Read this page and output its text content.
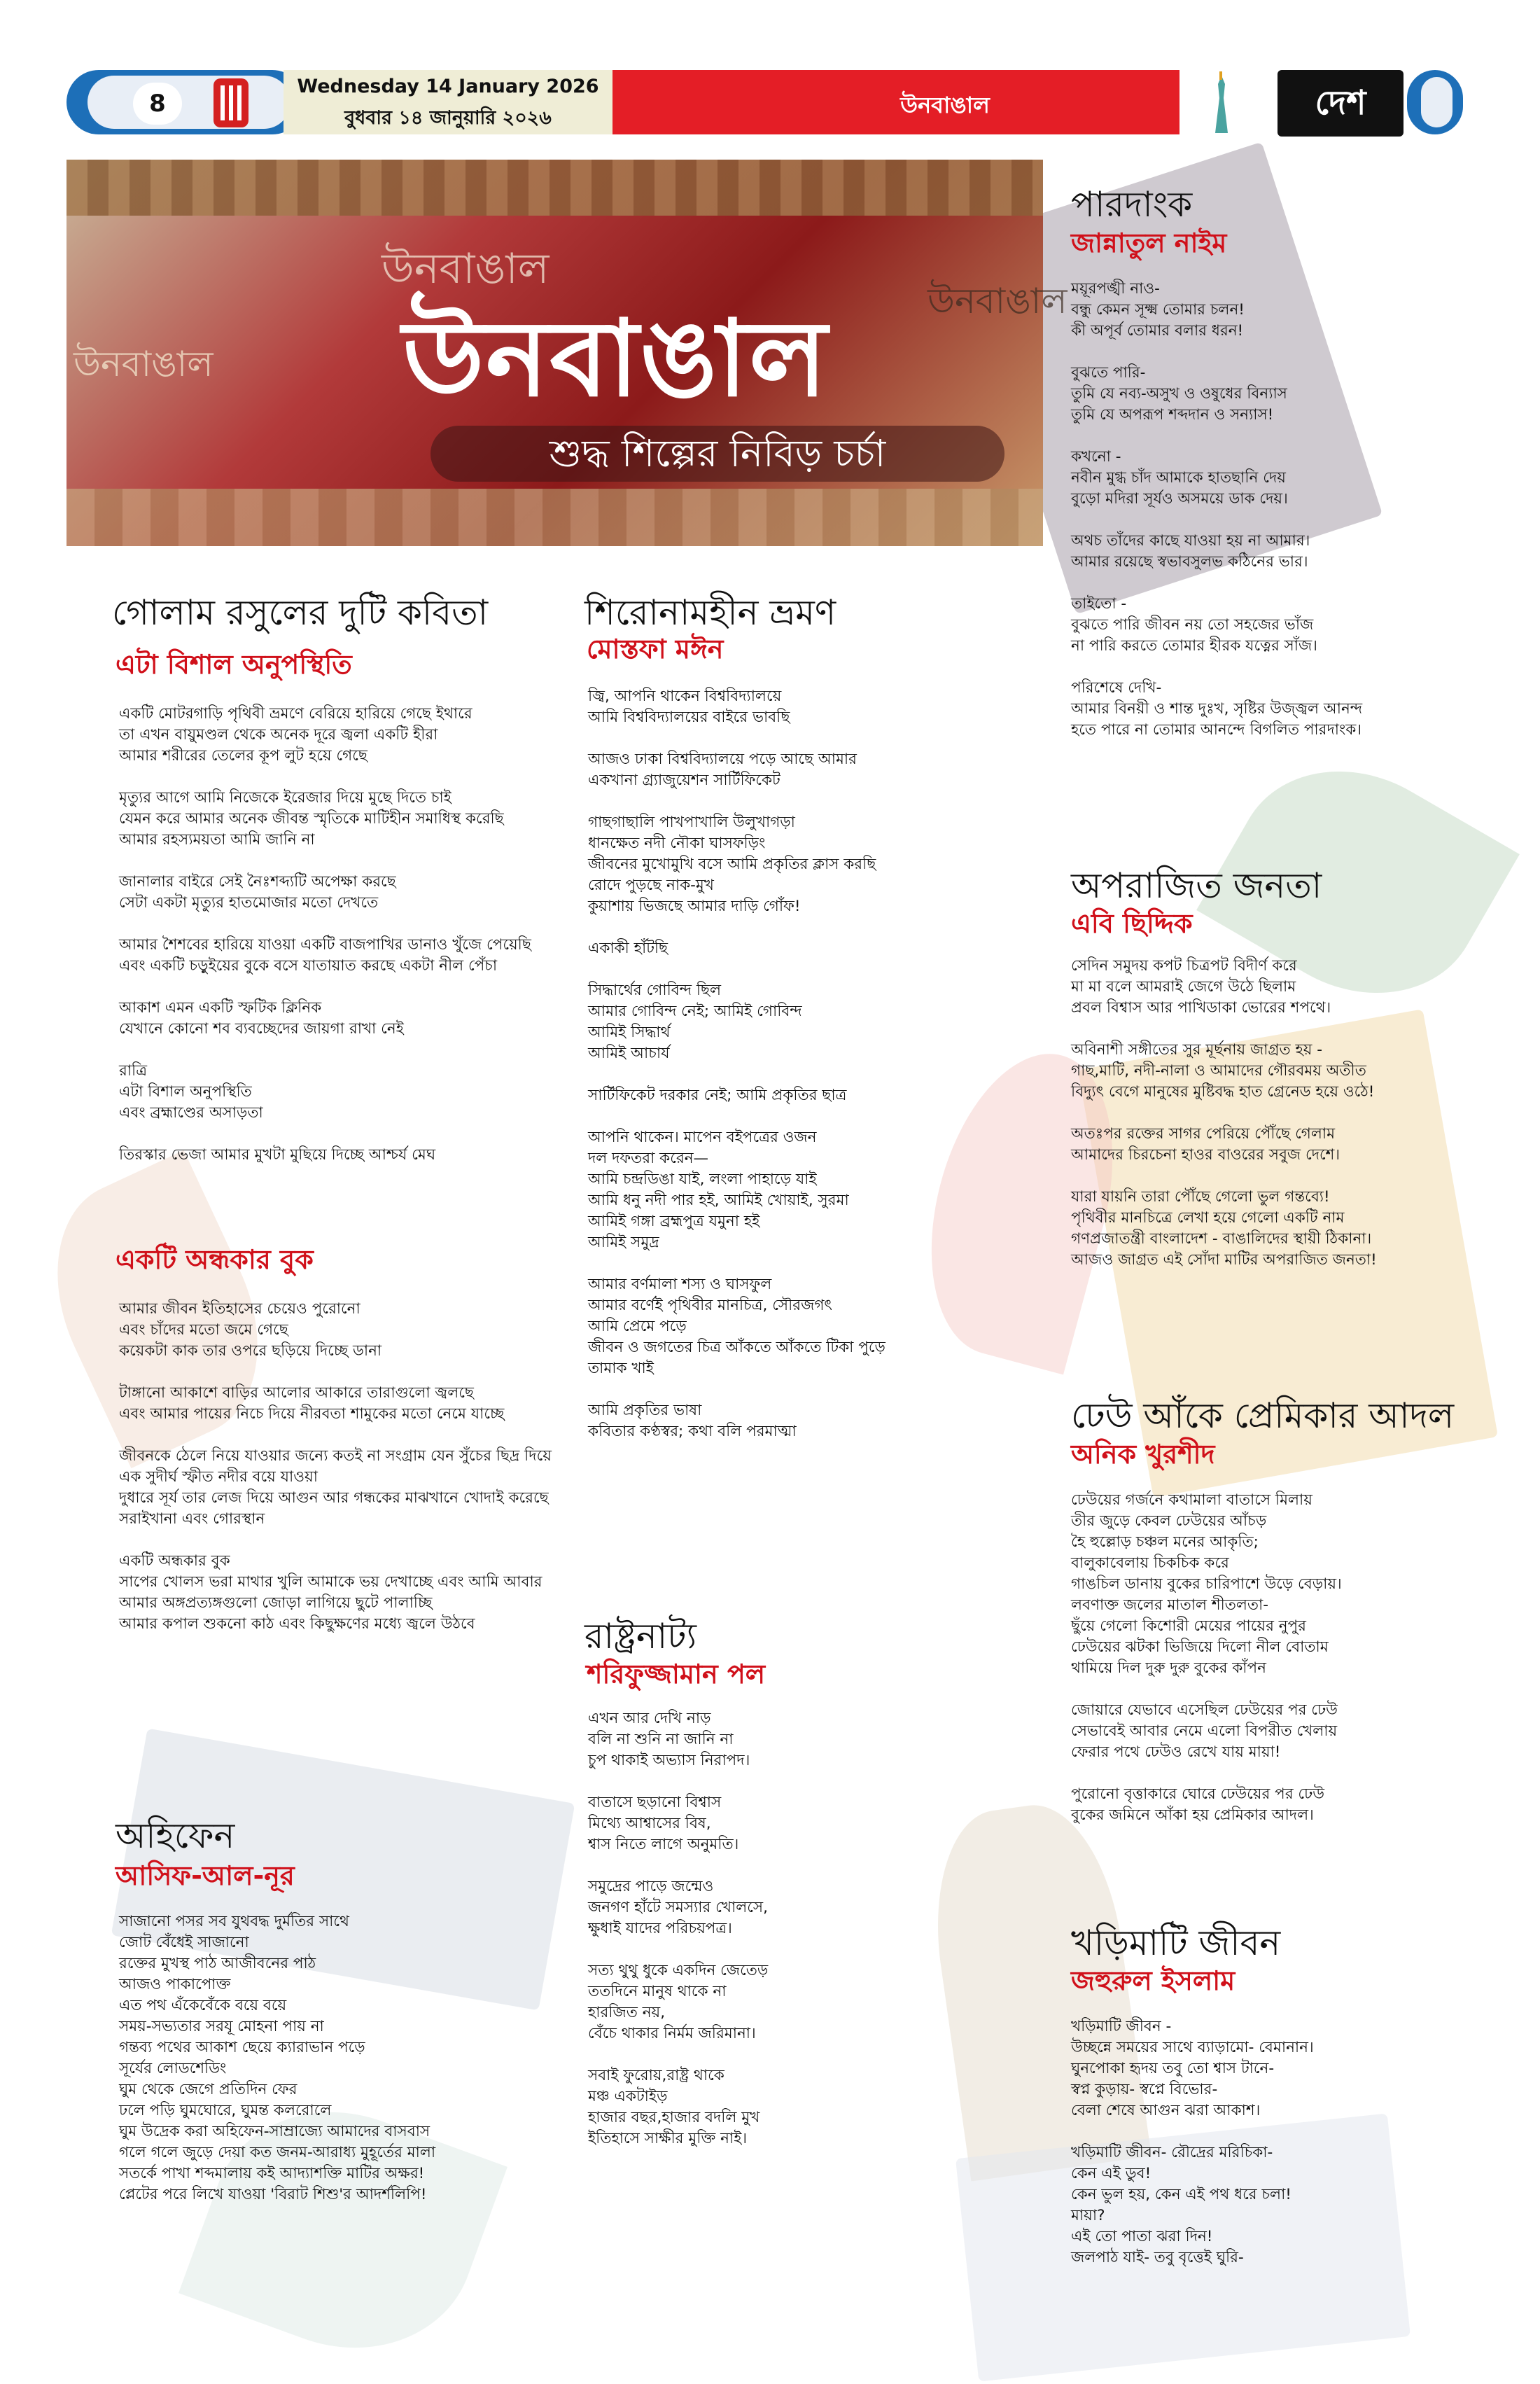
8
Wednesday 14 January 2026
বুধবার ১৪ জানুয়ারি ২০২৬	উনবাঙাল	দেশ
উনবাঙাল
উনবাঙাল
উনবাঙাল উনবাঙাল
শুদ্ধ শিল্পের নিবিড় চর্চা
গোলাম রসুলের দুটি কবিতা
এটা বিশাল অনুপস্থিতি

একটি মোটরগাড়ি পৃথিবী ভ্রমণে বেরিয়ে হারিয়ে গেছে ইথারে
তা এখন বায়ুমণ্ডল থেকে অনেক দূরে জ্বলা একটি হীরা
আমার শরীরের তেলের কূপ লুট হয়ে গেছে

মৃত্যুর আগে আমি নিজেকে ইরেজার দিয়ে মুছে দিতে চাই
যেমন করে আমার অনেক জীবন্ত স্মৃতিকে মাটিহীন সমাধিস্থ করেছি
আমার রহস্যময়তা আমি জানি না

জানালার বাইরে সেই নৈঃশব্দ্যটি অপেক্ষা করছে
সেটা একটা মৃত্যুর হাতমোজার মতো দেখতে

আমার শৈশবের হারিয়ে যাওয়া একটি বাজপাখির ডানাও খুঁজে পেয়েছি
এবং একটি চড়ুইয়ের বুকে বসে যাতায়াত করছে একটা নীল পেঁচা

আকাশ এমন একটি স্ফটিক ক্লিনিক
যেখানে কোনো শব ব্যবচ্ছেদের জায়গা রাখা নেই

রাত্রি
এটা বিশাল অনুপস্থিতি
এবং ব্রহ্মাণ্ডের অসাড়তা

তিরস্কার ভেজা আমার মুখটা মুছিয়ে দিচ্ছে আশ্চর্য মেঘ

একটি অন্ধকার বুক

আমার জীবন ইতিহাসের চেয়েও পুরোনো
এবং চাঁদের মতো জমে গেছে
কয়েকটা কাক তার ওপরে ছড়িয়ে দিচ্ছে ডানা

টাঙ্গানো আকাশে বাড়ির আলোর আকারে তারাগুলো জ্বলছে
এবং আমার পায়ের নিচে দিয়ে নীরবতা শামুকের মতো নেমে যাচ্ছে

জীবনকে ঠেলে নিয়ে যাওয়ার জন্যে কতই না সংগ্রাম যেন সুঁচের ছিদ্র দিয়ে
এক সুদীর্ঘ স্ফীত নদীর বয়ে যাওয়া
দুধারে সূর্য তার লেজ দিয়ে আগুন আর গন্ধকের মাঝখানে খোদাই করেছে
সরাইখানা এবং গোরস্থান

একটি অন্ধকার বুক
সাপের খোলস ভরা মাথার খুলি আমাকে ভয় দেখাচ্ছে এবং আমি আবার
আমার অঙ্গপ্রত্যঙ্গগুলো জোড়া লাগিয়ে ছুটে পালাচ্ছি
আমার কপাল শুকনো কাঠ এবং কিছুক্ষণের মধ্যে জ্বলে উঠবে

অহিফেন
আসিফ-আল-নূর

সাজানো পসর সব যুথবদ্ধ দুর্মতির সাথে
জোট বেঁধেই সাজানো
রক্তের মুখস্থ পাঠ আজীবনের পাঠ
আজও পাকাপোক্ত
এত পথ এঁকেবেঁকে বয়ে বয়ে
সময়-সভ্যতার সরযূ মোহনা পায় না
গন্তব্য পথের আকাশ ছেয়ে ক্যারাভান পড়ে
সূর্যের লোডশেডিং
ঘুম থেকে জেগে প্রতিদিন ফের
ঢলে পড়ি ঘুমঘোরে, ঘুমন্ত কলরোলে
ঘুম উদ্রেক করা অহিফেন-সাম্রাজ্যে আমাদের বাসবাস
গলে গলে জুড়ে দেয়া কত জনম-আরাধ্য মুহূর্তের মালা
সতর্কে পাখা শব্দমালায় কই আদ্যাশক্তি মাটির অক্ষর!
প্লেটের পরে লিখে যাওয়া 'বিরাট শিশু'র আদর্শলিপি!

শিরোনামহীন ভ্রমণ
মোস্তফা মঈন

জ্বি, আপনি থাকেন বিশ্ববিদ্যালয়ে
আমি বিশ্ববিদ্যালয়ের বাইরে ভাবছি

আজও ঢাকা বিশ্ববিদ্যালয়ে পড়ে আছে আমার
একখানা গ্র্যাজুয়েশন সার্টিফিকেট

গাছগাছালি পাখপাখালি উলুখাগড়া
ধানক্ষেত নদী নৌকা ঘাসফড়িং
জীবনের মুখোমুখি বসে আমি প্রকৃতির ক্লাস করছি
রোদে পুড়ছে নাক-মুখ
কুয়াশায় ভিজছে আমার দাড়ি গোঁফ!

একাকী হাঁটছি

সিদ্ধার্থের গোবিন্দ ছিল
আমার গোবিন্দ নেই; আমিই গোবিন্দ
আমিই সিদ্ধার্থ
আমিই আচার্য

সার্টিফিকেট দরকার নেই; আমি প্রকৃতির ছাত্র

আপনি থাকেন। মাপেন বইপত্রের ওজন
দল দফতরা করেন—
আমি চন্দ্রডিঙা যাই, লংলা পাহাড়ে যাই
আমি ধনু নদী পার হই, আমিই খোয়াই, সুরমা
আমিই গঙ্গা ব্রহ্মপুত্র যমুনা হই
আমিই সমুদ্র

আমার বর্ণমালা শস্য ও ঘাসফুল
আমার বর্ণেই পৃথিবীর মানচিত্র, সৌরজগৎ
আমি প্রেমে পড়ে
জীবন ও জগতের চিত্র আঁকতে আঁকতে টিকা পুড়ে
তামাক খাই

আমি প্রকৃতির ভাষা
কবিতার কণ্ঠস্বর; কথা বলি পরমাত্মা

রাষ্ট্রনাট্য
শরিফুজ্জামান পল

এখন আর দেখি নাড়
বলি না শুনি না জানি না
চুপ থাকাই অভ্যাস নিরাপদ।

বাতাসে ছড়ানো বিশ্বাস
মিথ্যে আশ্বাসের বিষ,
শ্বাস নিতে লাগে অনুমতি।

সমুদ্রের পাড়ে জন্মেও
জনগণ হাঁটে সমস্যার খোলসে,
ক্ষুধাই যাদের পরিচয়পত্র।

সত্য থুথু ধুকে একদিন জেতেড়
ততদিনে মানুষ থাকে না
হারজিত নয়,
বেঁচে থাকার নির্মম জরিমানা।

সবাই ফুরোয়,রাষ্ট্র থাকে
মঞ্চ একটাইড়
হাজার বছর,হাজার বদলি মুখ
ইতিহাসে সাক্ষীর মুক্তি নাই।

পারদাংক
জান্নাতুল নাইম

ময়ূরপঙ্খী নাও-
বন্ধু কেমন সূক্ষ্ম তোমার চলন!
কী অপূর্ব তোমার বলার ধরন!

বুঝতে পারি-
তুমি যে নব্য-অসুখ ও ওষুধের বিন্যাস
তুমি যে অপরূপ শব্দদান ও সন্যাস!

কখনো -
নবীন মুগ্ধ চাঁদ আমাকে হাতছানি দেয়
বুড়ো মদিরা সূর্যও অসময়ে ডাক দেয়।

অথচ তাঁদের কাছে যাওয়া হয় না আমার।
আমার রয়েছে স্বভাবসুলভ কঠিনের ভার।

তাইতো -
বুঝতে পারি জীবন নয় তো সহজের ভাঁজ
না পারি করতে তোমার হীরক যত্নের সাঁজ।

পরিশেষে দেখি-
আমার বিনয়ী ও শান্ত দুঃখ, সৃষ্টির উজ্জ্বল আনন্দ
হতে পারে না তোমার আনন্দে বিগলিত পারদাংক।

অপরাজিত জনতা
এবি ছিদ্দিক

সেদিন সমুদয় কপট চিত্রপট বিদীর্ণ করে
মা মা বলে আমরাই জেগে উঠে ছিলাম
প্রবল বিশ্বাস আর পাখিডাকা ভোরের শপথে।

অবিনাশী সঙ্গীতের সুর মূর্ছনায় জাগ্রত হয় -
গাছ,মাটি, নদী-নালা ও আমাদের গৌরবময় অতীত
বিদ্যুৎ বেগে মানুষের মুষ্টিবদ্ধ হাত গ্রেনেড হয়ে ওঠে!

অতঃপর রক্তের সাগর পেরিয়ে পৌঁছে গেলাম
আমাদের চিরচেনা হাওর বাওরের সবুজ দেশে।

যারা যায়নি তারা পৌঁছে গেলো ভুল গন্তব্যে!
পৃথিবীর মানচিত্রে লেখা হয়ে গেলো একটি নাম
গণপ্রজাতন্ত্রী বাংলাদেশ - বাঙালিদের স্থায়ী ঠিকানা।
আজও জাগ্রত এই সোঁদা মাটির অপরাজিত জনতা!

ঢেউ আঁকে প্রেমিকার আদল
অনিক খুরশীদ

ঢেউয়ের গর্জনে কথামালা বাতাসে মিলায়
তীর জুড়ে কেবল ঢেউয়ের আঁচড়
হৈ হুল্লোড় চঞ্চল মনের আকৃতি;
বালুকাবেলায় চিকচিক করে
গাঙচিল ডানায় বুকের চারিপাশে উড়ে বেড়ায়।
লবণাক্ত জলের মাতাল শীতলতা-
ছুঁয়ে গেলো কিশোরী মেয়ের পায়ের নুপুর
ঢেউয়ের ঝটকা ভিজিয়ে দিলো নীল বোতাম
থামিয়ে দিল দুরু দুরু বুকের কাঁপন

জোয়ারে যেভাবে এসেছিল ঢেউয়ের পর ঢেউ
সেভাবেই আবার নেমে এলো বিপরীত খেলায়
ফেরার পথে ঢেউও রেখে যায় মায়া!

পুরোনো বৃত্তাকারে ঘোরে ঢেউয়ের পর ঢেউ
বুকের জমিনে আঁকা হয় প্রেমিকার আদল।

খড়িমাটি জীবন
জহুরুল ইসলাম

খড়িমাটি জীবন -
উচ্ছন্নে সময়ের সাথে ব্যাড়ামো- বেমানান।
ঘুনপোকা হৃদয় তবু তো শ্বাস টানে-
স্বপ্ন কুড়ায়- স্বপ্নে বিভোর-
বেলা শেষে আগুন ঝরা আকাশ।

খড়িমাটি জীবন- রৌদ্রের মরিচিকা-
কেন এই ডুব!
কেন ভুল হয়, কেন এই পথ ধরে চলা!
মায়া?
এই তো পাতা ঝরা দিন!
জলপাঠ যাই- তবু বৃত্তেই ঘুরি-
